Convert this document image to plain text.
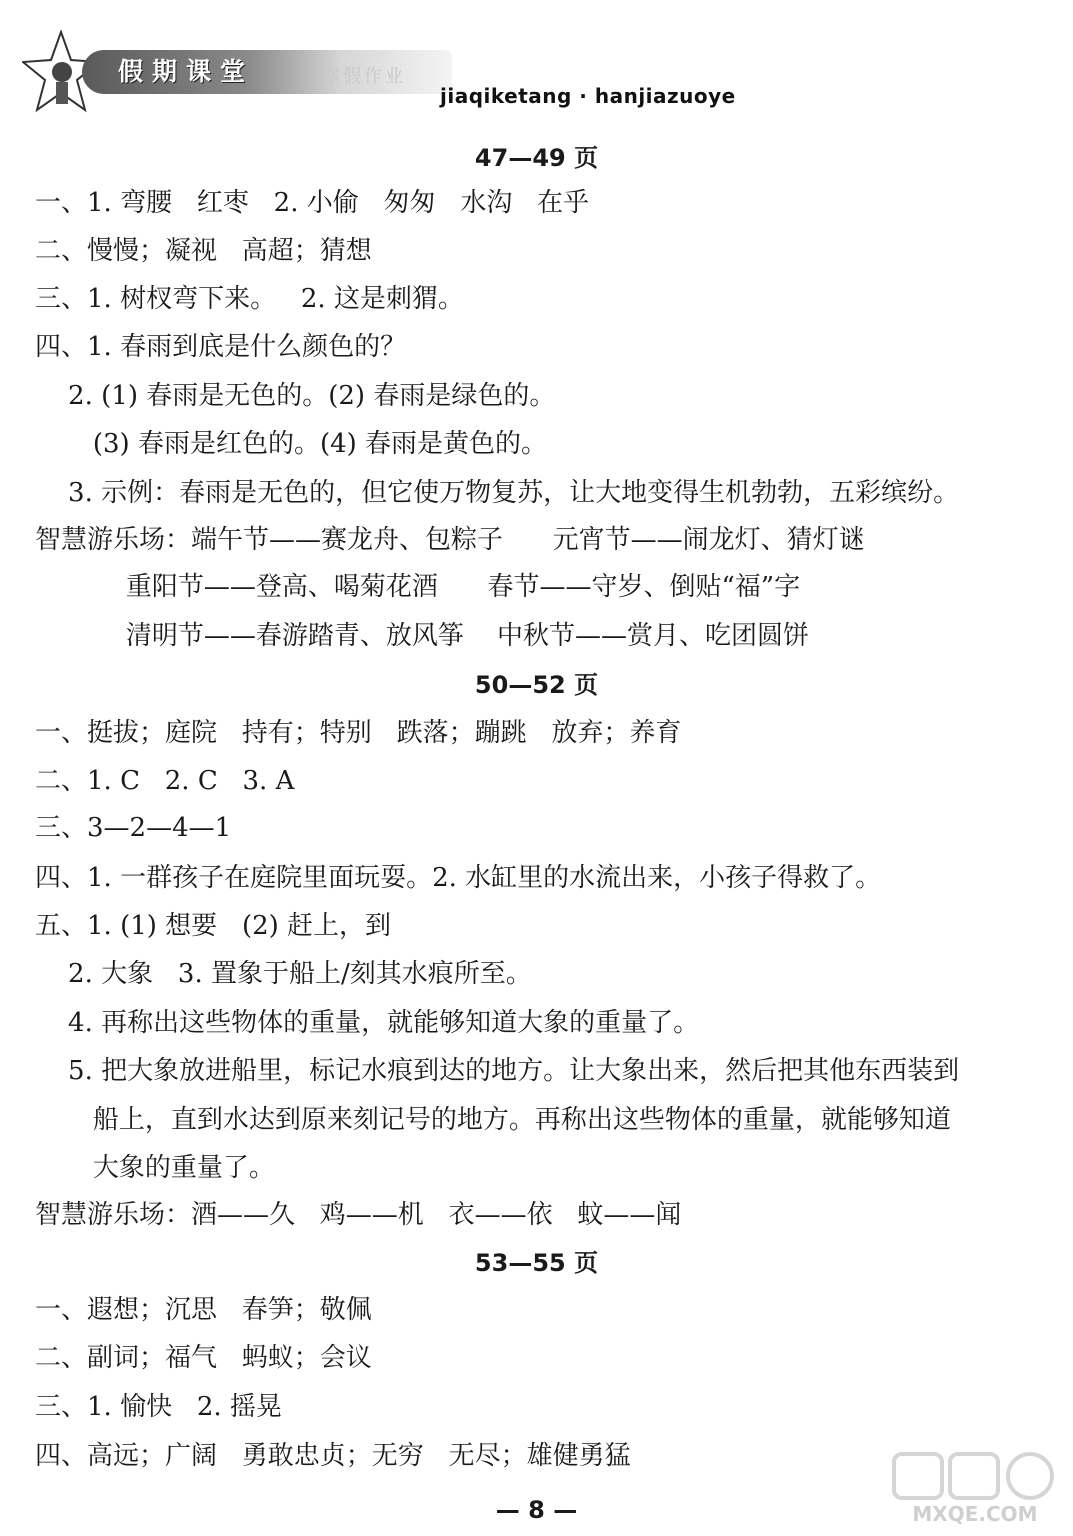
假期课堂	寒假作业
jiaqiketang · hanjiazuoye
47—49 页
一、1. 弯腰   红枣   2. 小偷   匆匆   水沟   在乎
二、慢慢；凝视   高超；猜想
三、1. 树杈弯下来。   2. 这是刺猬。
四、1. 春雨到底是什么颜色的？
2. (1) 春雨是无色的。(2) 春雨是绿色的。
(3) 春雨是红色的。(4) 春雨是黄色的。
3. 示例：春雨是无色的，但它使万物复苏，让大地变得生机勃勃，五彩缤纷。
智慧游乐场：端午节——赛龙舟、包粽子      元宵节——闹龙灯、猜灯谜
重阳节——登高、喝菊花酒      春节——守岁、倒贴“福”字
清明节——春游踏青、放风筝    中秋节——赏月、吃团圆饼
50—52 页
一、挺拔；庭院   持有；特别   跌落；蹦跳   放弃；养育
二、1. C   2. C   3. A
三、3—2—4—1
四、1. 一群孩子在庭院里面玩耍。2. 水缸里的水流出来，小孩子得救了。
五、1. (1) 想要   (2) 赶上，到
2. 大象   3. 置象于船上/刻其水痕所至。
4. 再称出这些物体的重量，就能够知道大象的重量了。
5. 把大象放进船里，标记水痕到达的地方。让大象出来，然后把其他东西装到
船上，直到水达到原来刻记号的地方。再称出这些物体的重量，就能够知道
大象的重量了。
智慧游乐场：酒——久   鸡——机   衣——依   蚊——闻
53—55 页
一、遐想；沉思   春笋；敬佩
二、副词；福气   蚂蚁；会议
三、1. 愉快   2. 摇晃
四、高远；广阔   勇敢忠贞；无穷   无尽；雄健勇猛
— 8 —	MXQE.COM
